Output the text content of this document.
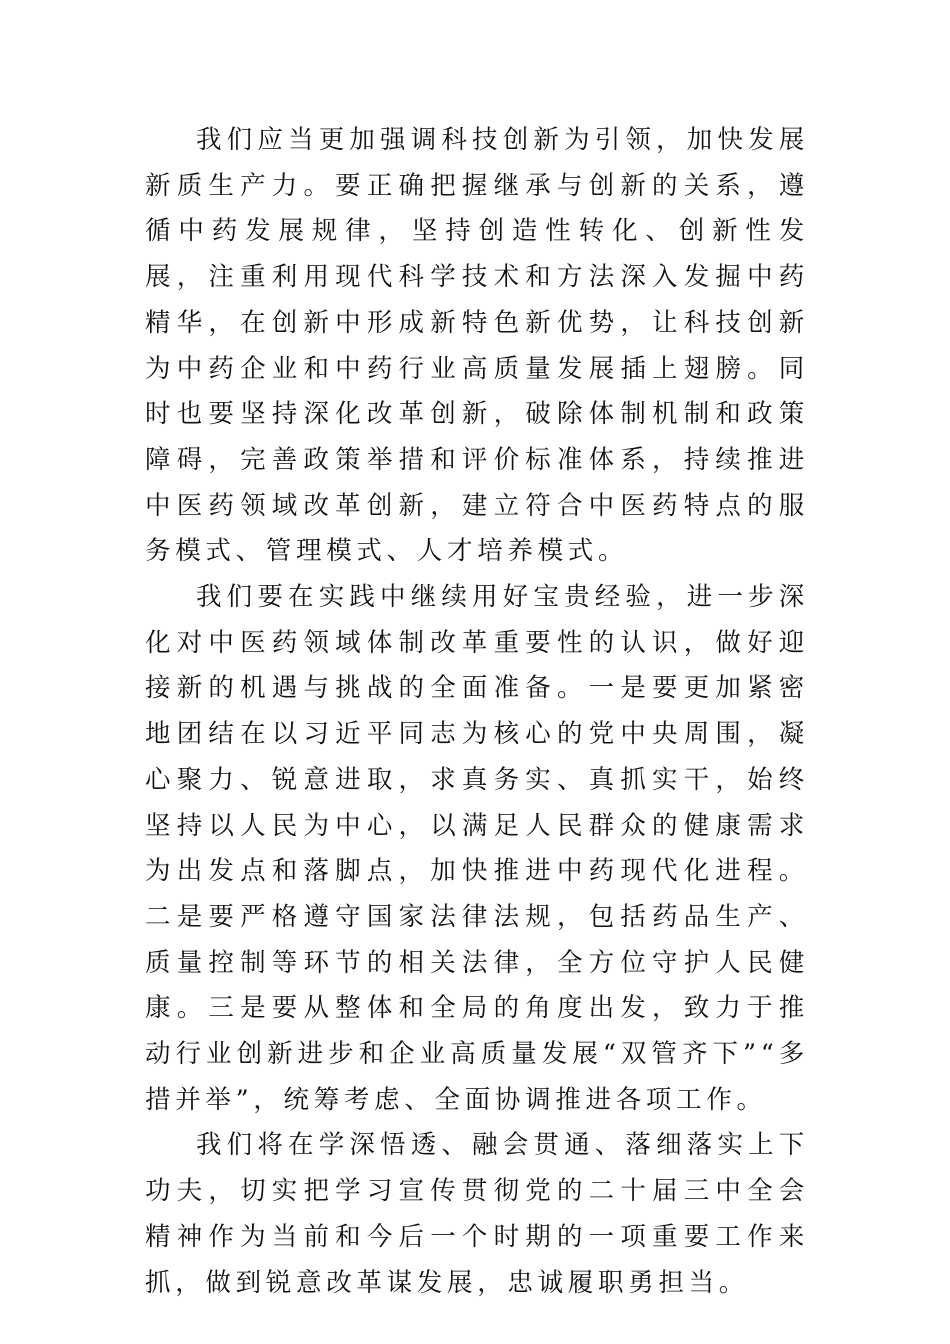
我们应当更加强调科技创新为引领，加快发展新质生产力。要正确把握继承与创新的关系，遵循中药发展规律，坚持创造性转化、创新性发展，注重利用现代科学技术和方法深入发掘中药精华，在创新中形成新特色新优势，让科技创新为中药企业和中药行业高质量发展插上翅膀。同时也要坚持深化改革创新，破除体制机制和政策障碍，完善政策举措和评价标准体系，持续推进中医药领域改革创新，建立符合中医药特点的服务模式、管理模式、人才培养模式。

我们要在实践中继续用好宝贵经验，进一步深化对中医药领域体制改革重要性的认识，做好迎接新的机遇与挑战的全面准备。一是要更加紧密地团结在以习近平同志为核心的党中央周围，凝心聚力、锐意进取，求真务实、真抓实干，始终坚持以人民为中心，以满足人民群众的健康需求为出发点和落脚点，加快推进中药现代化进程。二是要严格遵守国家法律法规，包括药品生产、质量控制等环节的相关法律，全方位守护人民健康。三是要从整体和全局的角度出发，致力于推动行业创新进步和企业高质量发展“双管齐下”“多措并举”，统筹考虑、全面协调推进各项工作。

我们将在学深悟透、融会贯通、落细落实上下功夫，切实把学习宣传贯彻党的二十届三中全会精神作为当前和今后一个时期的一项重要工作来抓，做到锐意改革谋发展，忠诚履职勇担当。
